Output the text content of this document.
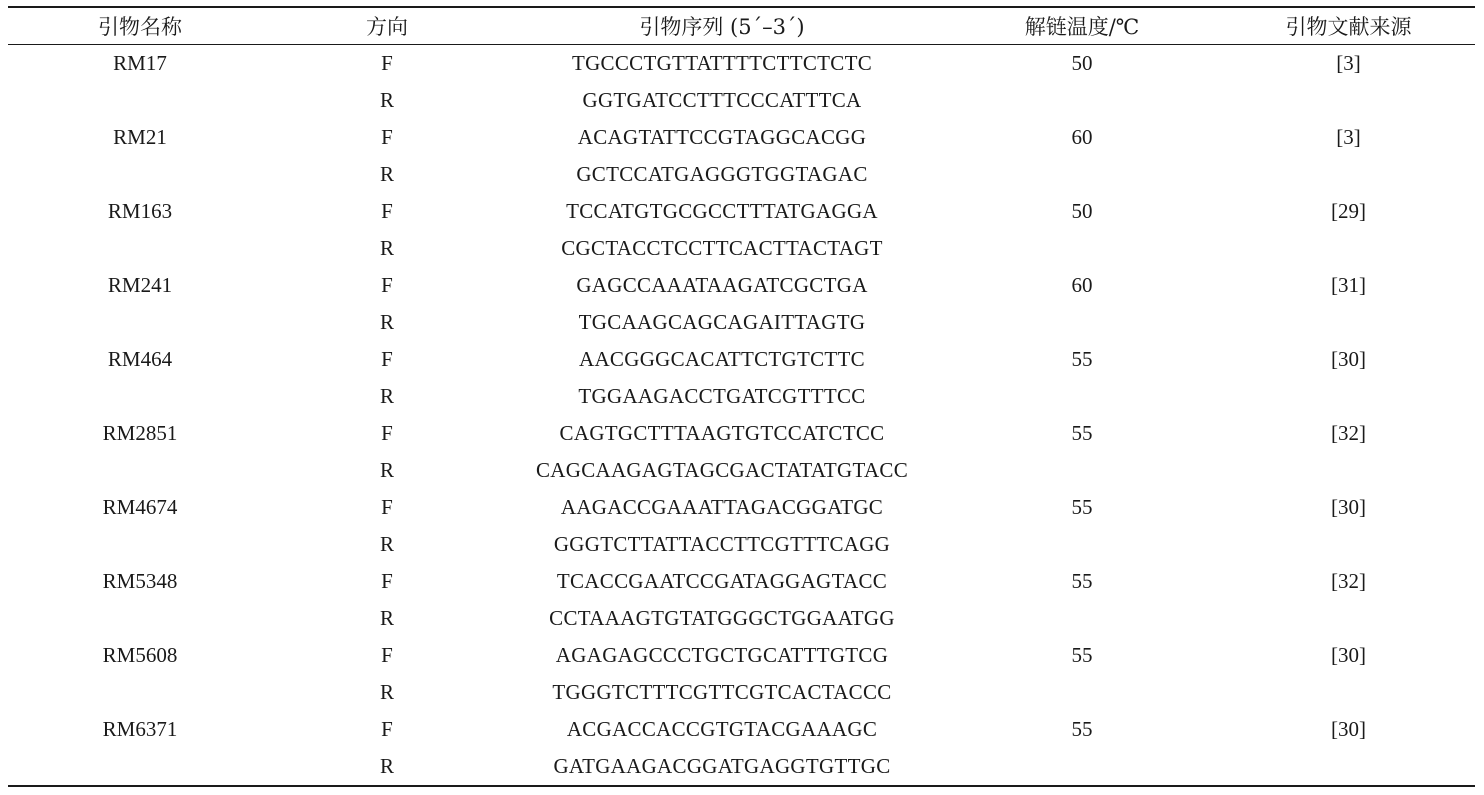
引物名称	方向	引物序列 (5´–3´)	解链温度/℃	引物文献来源
RM17	F	TGCCCTGTTATTTTCTTCTCTC	50	[3]
	R	GGTGATCCTTTCCCATTTCA		
RM21	F	ACAGTATTCCGTAGGCACGG	60	[3]
	R	GCTCCATGAGGGTGGTAGAC		
RM163	F	TCCATGTGCGCCTTTATGAGGA	50	[29]
	R	CGCTACCTCCTTCACTTACTAGT		
RM241	F	GAGCCAAATAAGATCGCTGA	60	[31]
	R	TGCAAGCAGCAGAITTAGTG		
RM464	F	AACGGGCACATTCTGTCTTC	55	[30]
	R	TGGAAGACCTGATCGTTTCC		
RM2851	F	CAGTGCTTTAAGTGTCCATCTCC	55	[32]
	R	CAGCAAGAGTAGCGACTATATGTACC		
RM4674	F	AAGACCGAAATTAGACGGATGC	55	[30]
	R	GGGTCTTATTACCTTCGTTTCAGG		
RM5348	F	TCACCGAATCCGATAGGAGTACC	55	[32]
	R	CCTAAAGTGTATGGGCTGGAATGG		
RM5608	F	AGAGAGCCCTGCTGCATTTGTCG	55	[30]
	R	TGGGTCTTTCGTTCGTCACTACCC		
RM6371	F	ACGACCACCGTGTACGAAAGC	55	[30]
	R	GATGAAGACGGATGAGGTGTTGC		
